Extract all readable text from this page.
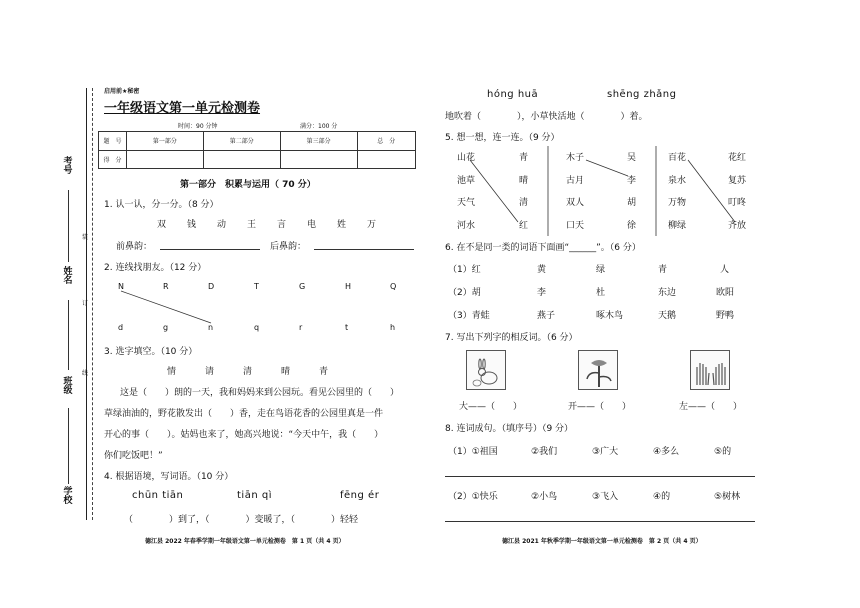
考号
姓名
班级
学校
装
订
线
启用前★秘密
一年级语文第一单元检测卷
时间：90 分钟	满分：100 分
题　号	第一部分	第二部分	第三部分	总　分
得　分				
第一部分　积累与运用（ 70 分）
1. 认一认，分一分。（8 分）
双 钱 动 王 言 电 姓 万
前鼻韵：	后鼻韵：
2. 连线找朋友。（12 分）
N	R	D	T	G	H	Q
d	g	n	q	r	t	h
3. 选字填空。（10 分）
情	请	清	晴	青
这是（　　）朗的一天，我和妈妈来到公园玩。看见公园里的（　　）
草绿油油的，野花散发出（　　）香，走在鸟语花香的公园里真是一件
开心的事（　　）。姑妈也来了，她高兴地说：“今天中午，我（　　）
你们吃饭吧！”
4. 根据语境，写词语。（10 分）
chūn tiān	tiān qì	fēng ér
（　　　　）到了，（　　　　）变暖了，（　　　　）轻轻
德江县 2022 年春季学期一年级语文第一单元检测卷　第 1 页（共 4 页）
hóng huā	shēng zhǎng
地吹着（　　　　），小草快活地（　　　　）着。
5. 想一想，连一连。（9 分）
山花
池草
天气
河水
青
晴
清
红
木子
古月
双人
口天
吴
李
胡
徐
百花
泉水
万物
柳绿
花红
复苏
叮咚
齐放
6. 在不是同一类的词语下面画“______”。（6 分）
（1）红	黄	绿	青	人
（2）胡	李	杜	东边	欧阳
（3）青蛙	燕子	啄木鸟	天鹅	野鸭
7. 写出下列字的相反词。（6 分）
大——（　　）	开——（　　）	左——（　　）
8. 连词成句。（填序号）（9 分）
（1）①祖国	②我们	③广大	④多么	⑤的
（2）①快乐	②小鸟	③飞入	④的	⑤树林
德江县 2021 年秋季学期一年级语文第一单元检测卷　第 2 页（共 4 页）
